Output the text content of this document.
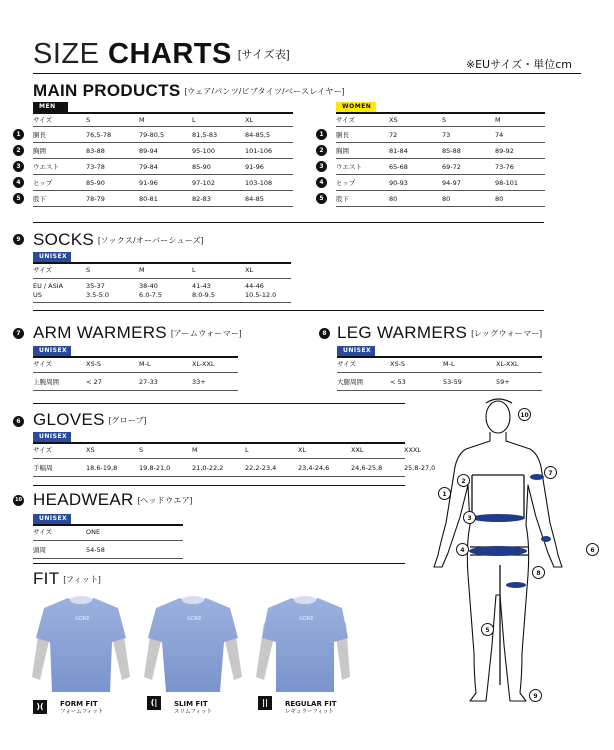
SIZE CHARTS [サイズ表]
※EUサイズ・単位cm
MAIN PRODUCTS [ウェア/パンツ/ビブタイツ/ベースレイヤー]
MEN	WOMEN
サイズ	S	M	L	XL
胴長	76,5-78	79-80,5	81,5-83	84-85,5
1
胸囲	83-88	89-94	95-100	101-106
2
ウエスト	73-78	79-84	85-90	91-96
3
ヒップ	85-90	91-96	97-102	103-108
4
股下	78-79	80-81	82-83	84-85
5
サイズ	XS	S	M
胴長	72	73	74
1
胸囲	81-84	85-88	89-92
2
ウエスト	65-68	69-72	73-76
3
ヒップ	90-93	94-97	98-101
4
股下	80	80	80
5
9 SOCKS [ソックス/オーバーシューズ]
UNISEX
サイズ	S	M	L	XL
EU / ASIA	35-37	38-40	41-43	44-46
US	3.5-5.0	6.0-7.5	8.0-9.5	10.5-12.0
7 ARM WARMERS [アームウォーマー]
UNISEX
サイズ	XS-S	M-L	XL-XXL
上腕周囲	< 27	27-33	33+
8 LEG WARMERS [レッグウォーマー]
UNISEX
サイズ	XS-S	M-L	XL-XXL
大腿周囲	< 53	53-59	59+
6 GLOVES [グローブ]
UNISEX
サイズ	XS	S	M	L	XL	XXL	XXXL
手幅周	18.6-19,8	19,8-21,0	21,0-22,2	22,2-23,4	23,4-24,6	24,6-25,8	25,8-27,0
10 HEADWEAR [ヘッドウエア]
UNISEX
サイズ	ONE
頭周	54-58
FIT [フィット]
GORE	GORE	GORE
)(	FORM FIT
フォームフィット
(|	SLIM FIT
スリムフィット
||	REGULAR FIT
レギュラーフィット
1
2
3
4
5
6
7
8
9
10
